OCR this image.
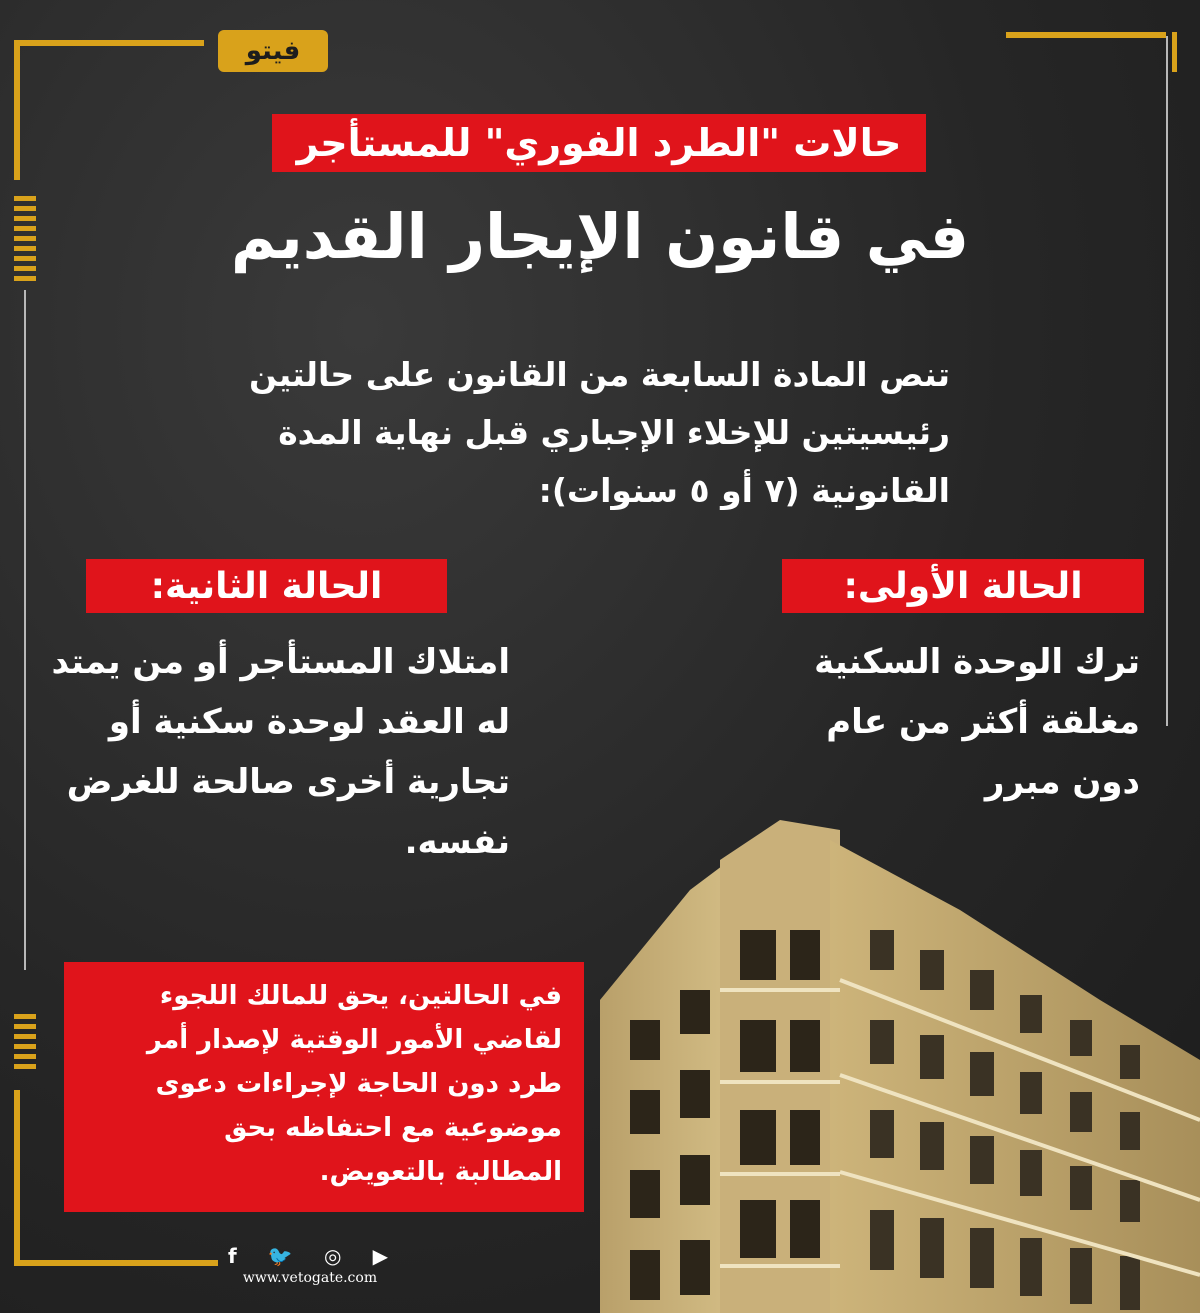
فيتو
حالات "الطرد الفوري" للمستأجر
في قانون الإيجار القديم
تنص المادة السابعة من القانون على حالتين
رئيسيتين للإخلاء الإجباري قبل نهاية المدة
القانونية (٧ أو ٥ سنوات):
الحالة الأولى:
ترك الوحدة السكنية
مغلقة أكثر من عام
دون مبرر
الحالة الثانية:
امتلاك المستأجر أو من يمتد
له العقد لوحدة سكنية أو
تجارية أخرى صالحة للغرض
نفسه.
في الحالتين، يحق للمالك اللجوء
لقاضي الأمور الوقتية لإصدار أمر
طرد دون الحاجة لإجراءات دعوى
موضوعية مع احتفاظه بحق
المطالبة بالتعويض.
▶
◎
🐦
f
www.vetogate.com
